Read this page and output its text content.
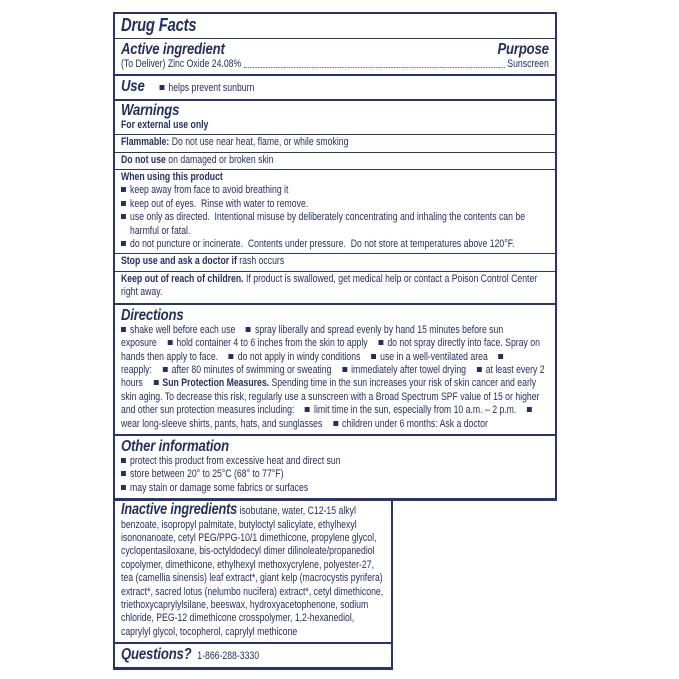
Drug Facts
Active ingredient	Purpose
(To Deliver) Zinc Oxide 24.08%	Sunscreen
Use	helps prevent sunburn
Warnings
For external use only
Flammable: Do not use near heat, flame, or while smoking
Do not use on damaged or broken skin
When using this product
keep away from face to avoid breathing it
keep out of eyes.  Rinse with water to remove.
use only as directed.  Intentional misuse by deliberately concentrating and inhaling the contents can be harmful or fatal.
do not puncture or incinerate.  Contents under pressure.  Do not store at temperatures above 120°F.
Stop use and ask a doctor if rash occurs
Keep out of reach of children. If product is swallowed, get medical help or contact a Poison Control Center right away.
Directions

shake well before each use spray liberally and spread evenly by hand 15 minutes before sun exposure hold container 4 to 6 inches from the skin to apply do not spray directly into face. Spray on hands then apply to face. do not apply in windy conditions use in a well-ventilated areareapply: after 80 minutes of swimming or sweating immediately after towel drying at least every 2 hours Sun Protection Measures. Spending time in the sun increases your risk of skin cancer and early skin aging. To decrease this risk, regularly use a sunscreen with a Broad Spectrum SPF value of 15 or higher and other sun protection measures including: limit time in the sun, especially from 10 a.m. – 2 p.m.wear long-sleeve shirts, pants, hats, and sunglasses children under 6 months: Ask a doctor

Other information
protect this product from excessive heat and direct sun
store between 20° to 25°C (68° to 77°F)
may stain or damage some fabrics or surfaces
Inactive ingredients isobutane, water, C12-15 alkyl benzoate, isopropyl palmitate, butyloctyl salicylate, ethylhexyl isononanoate, cetyl PEG/PPG-10/1 dimethicone, propylene glycol, cyclopentasiloxane, bis-octyldodecyl dimer dilinoleate/propanediol copolymer, dimethicone, ethylhexyl methoxycrylene, polyester-27, tea (camellia sinensis) leaf extract*, giant kelp (macrocystis pyrifera) extract*, sacred lotus (nelumbo nucifera) extract*, cetyl dimethicone, triethoxycaprylylsilane, beeswax, hydroxyacetophenone, sodium chloride, PEG-12 dimethicone crosspolymer, 1,2-hexanediol, caprylyl glycol, tocopherol, caprylyl methicone
Questions? 1-866-288-3330
